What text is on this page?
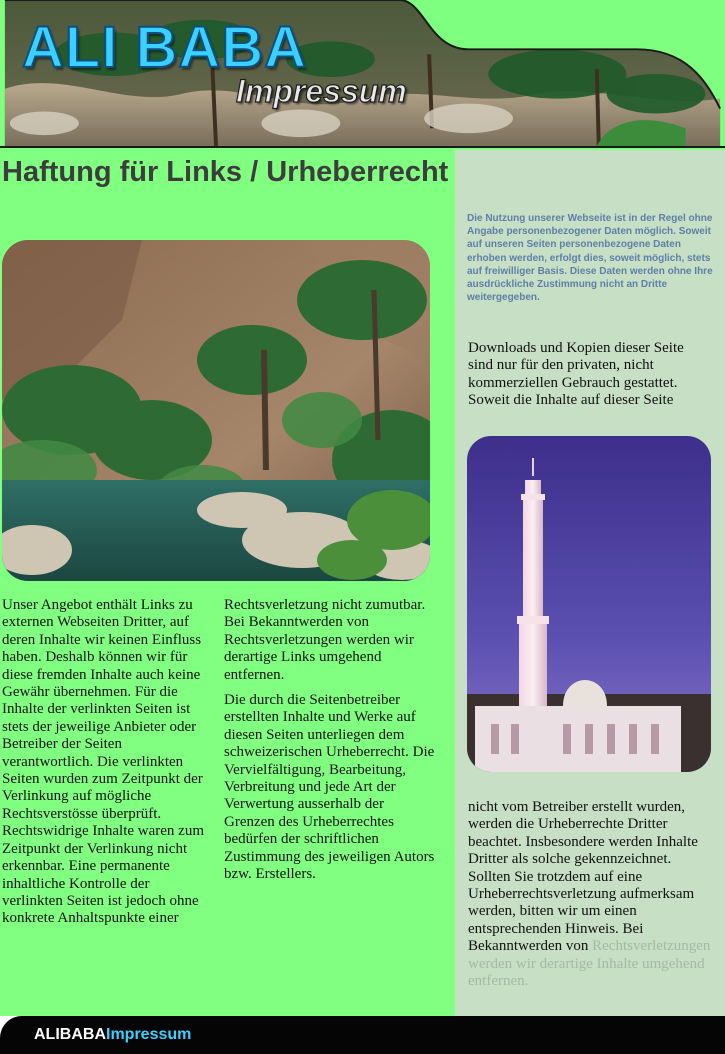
ALI BABA
Impressum
Haftung für Links / Urheberrecht
Die Nutzung unserer Webseite ist in der Regel ohne Angabe personenbezogener Daten möglich. Soweit auf unseren Seiten personenbezogene Daten erhoben werden, erfolgt dies, soweit möglich, stets auf freiwilliger Basis. Diese Daten werden ohne Ihre ausdrückliche Zustimmung nicht an Dritte weitergegeben.

Unser Angebot enthält Links zu externen Webseiten Dritter, auf deren Inhalte wir keinen Einfluss haben. Deshalb können wir für diese fremden Inhalte auch keine Gewähr übernehmen. Für die Inhalte der verlinkten Seiten ist stets der jeweilige Anbieter oder Betreiber der Seiten verantwortlich. Die verlinkten Seiten wurden zum Zeitpunkt der Verlinkung auf mögliche Rechtsverstösse überprüft. Rechtswidrige Inhalte waren zum Zeitpunkt der Verlinkung nicht erkennbar. Eine permanente inhaltliche Kontrolle der verlinkten Seiten ist jedoch ohne konkrete Anhaltspunkte einer

Rechtsverletzung nicht zumutbar. Bei Bekanntwerden von Rechtsverletzungen werden wir derartige Links umgehend entfernen.

Die durch die Seitenbetreiber erstellten Inhalte und Werke auf diesen Seiten unterliegen dem schweizerischen Urheberrecht. Die Vervielfältigung, Bearbeitung, Verbreitung und jede Art der Verwertung ausserhalb der Grenzen des Urheberrechtes bedürfen der schriftlichen Zustimmung des jeweiligen Autors bzw. Erstellers.

Downloads und Kopien dieser Seite sind nur für den privaten, nicht kommerziellen Gebrauch gestattet. Soweit die Inhalte auf dieser Seite

nicht vom Betreiber erstellt wurden, werden die Urheberrechte Dritter beachtet. Insbesondere werden Inhalte Dritter als solche gekennzeichnet. Sollten Sie trotzdem auf eine Urheberrechtsverletzung aufmerksam werden, bitten wir um einen entsprechenden Hinweis. Bei Bekanntwerden von Rechtsverletzungen werden wir derartige Inhalte umgehend entfernen.

ALIBABAImpressum
